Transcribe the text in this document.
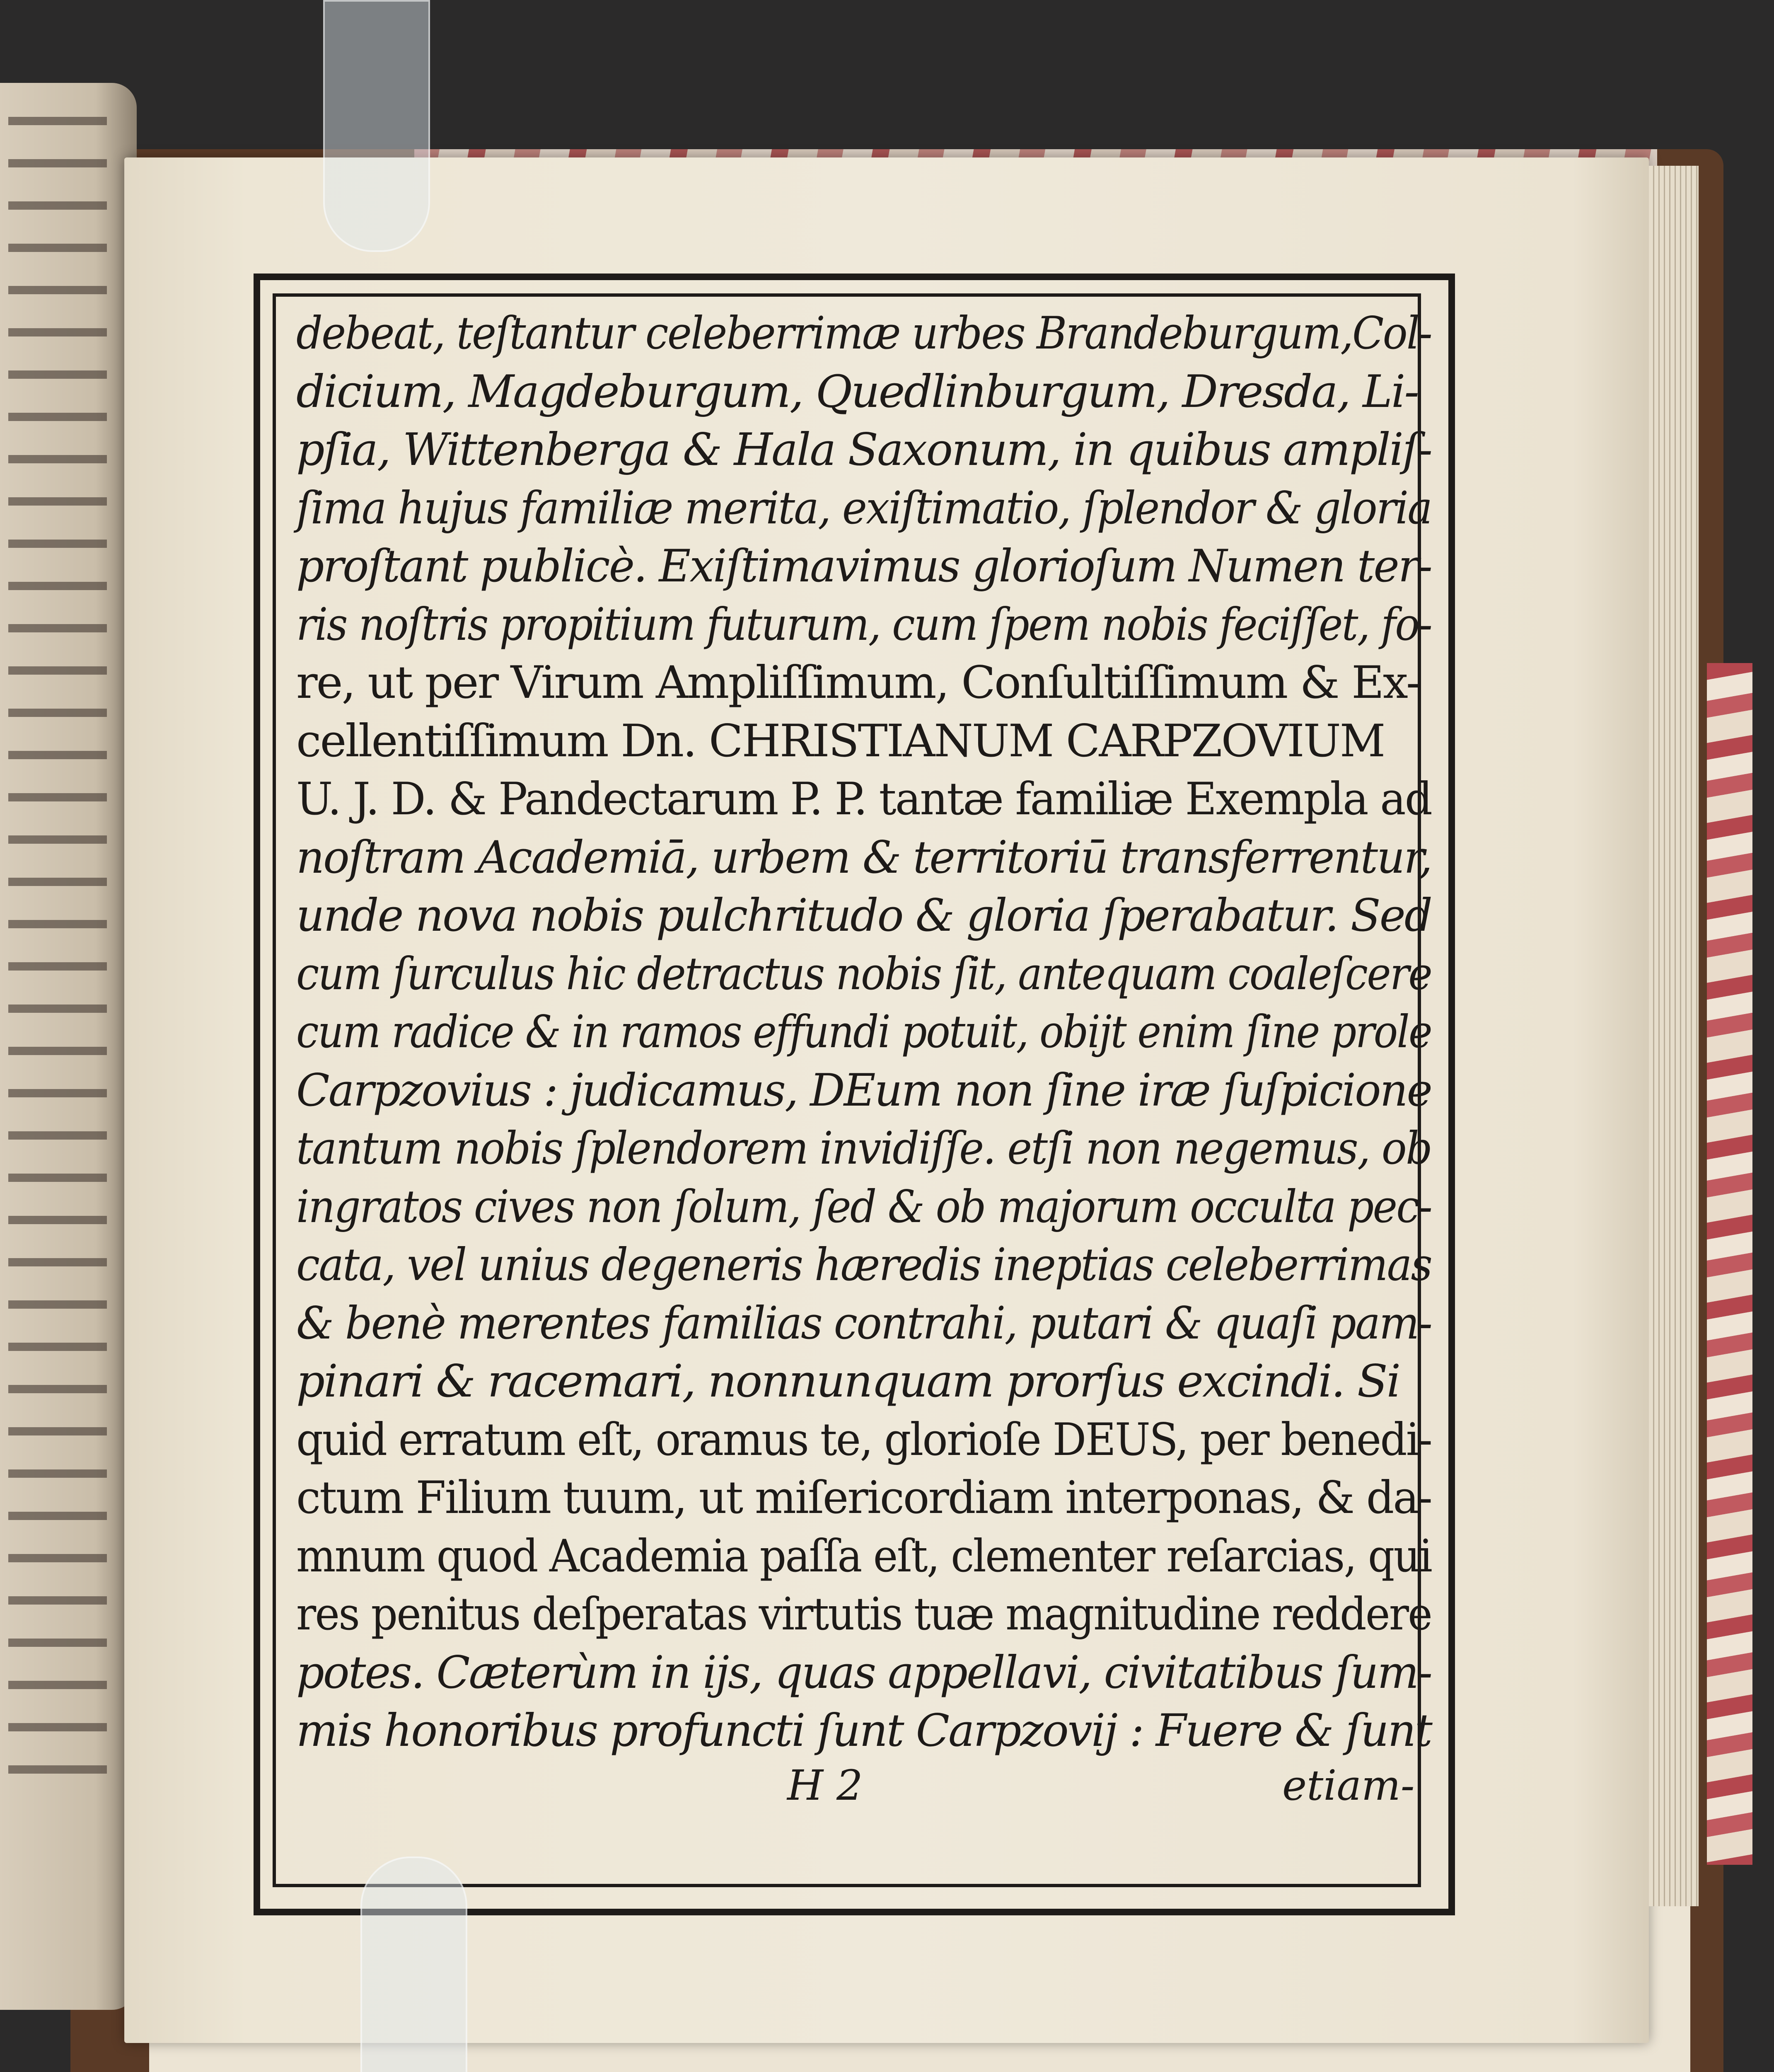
debeat, teſtantur celeberrimæ urbes Brandeburgum,Col-
dicium, Magdeburgum, Quedlinburgum, Dresda, Li-
pſia, Wittenberga & Hala Saxonum, in quibus ampliſ-
ſima hujus familiæ merita, exiſtimatio, ſplendor & gloria
proſtant publicè. Exiſtimavimus glorioſum Numen ter-
ris noſtris propitium futurum, cum ſpem nobis feciſſet, fo-
re, ut per Virum Ampliſſimum, Conſultiſſimum & Ex-
cellentiſſimum Dn. CHRISTIANUM CARPZOVIUM
U. J. D. & Pandectarum P. P. tantæ familiæ Exempla ad
noſtram Academiā, urbem & territoriū transferrentur,
unde nova nobis pulchritudo & gloria ſperabatur. Sed
cum ſurculus hic detractus nobis ſit, antequam coaleſcere
cum radice & in ramos effundi potuit, obijt enim ſine prole
Carpzovius : judicamus, DEum non ſine iræ ſuſpicione
tantum nobis ſplendorem invidiſſe. etſi non negemus, ob
ingratos cives non ſolum, ſed & ob majorum occulta pec-
cata, vel unius degeneris hæredis ineptias celeberrimas
& benè merentes familias contrahi, putari & quaſi pam-
pinari & racemari, nonnunquam prorſus excindi. Si
quid erratum eſt, oramus te, glorioſe DEUS, per benedi-
ctum Filium tuum, ut miſericordiam interponas, & da-
mnum quod Academia paſſa eſt, clementer reſarcias, qui
res penitus deſperatas virtutis tuæ magnitudine reddere
potes. Cæterùm in ijs, quas appellavi, civitatibus ſum-
mis honoribus profuncti ſunt Carpzovij : Fuere & ſunt
H 2	etiam-
